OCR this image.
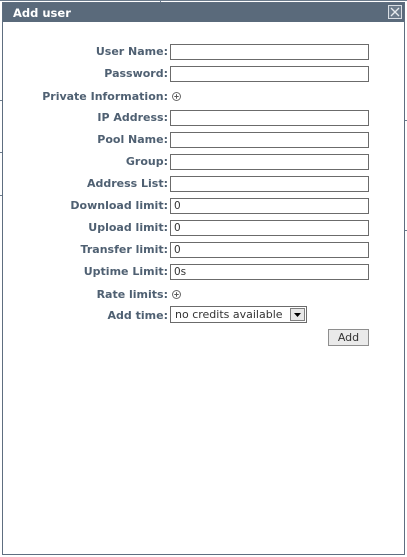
Add user
User Name:
Password:
Private Information:
IP Address:
Pool Name:
Group:
Address List:
Download limit:
0
Upload limit:
0
Transfer limit:
0
Uptime Limit:
0s
Rate limits:
Add time: no credits available
Add
